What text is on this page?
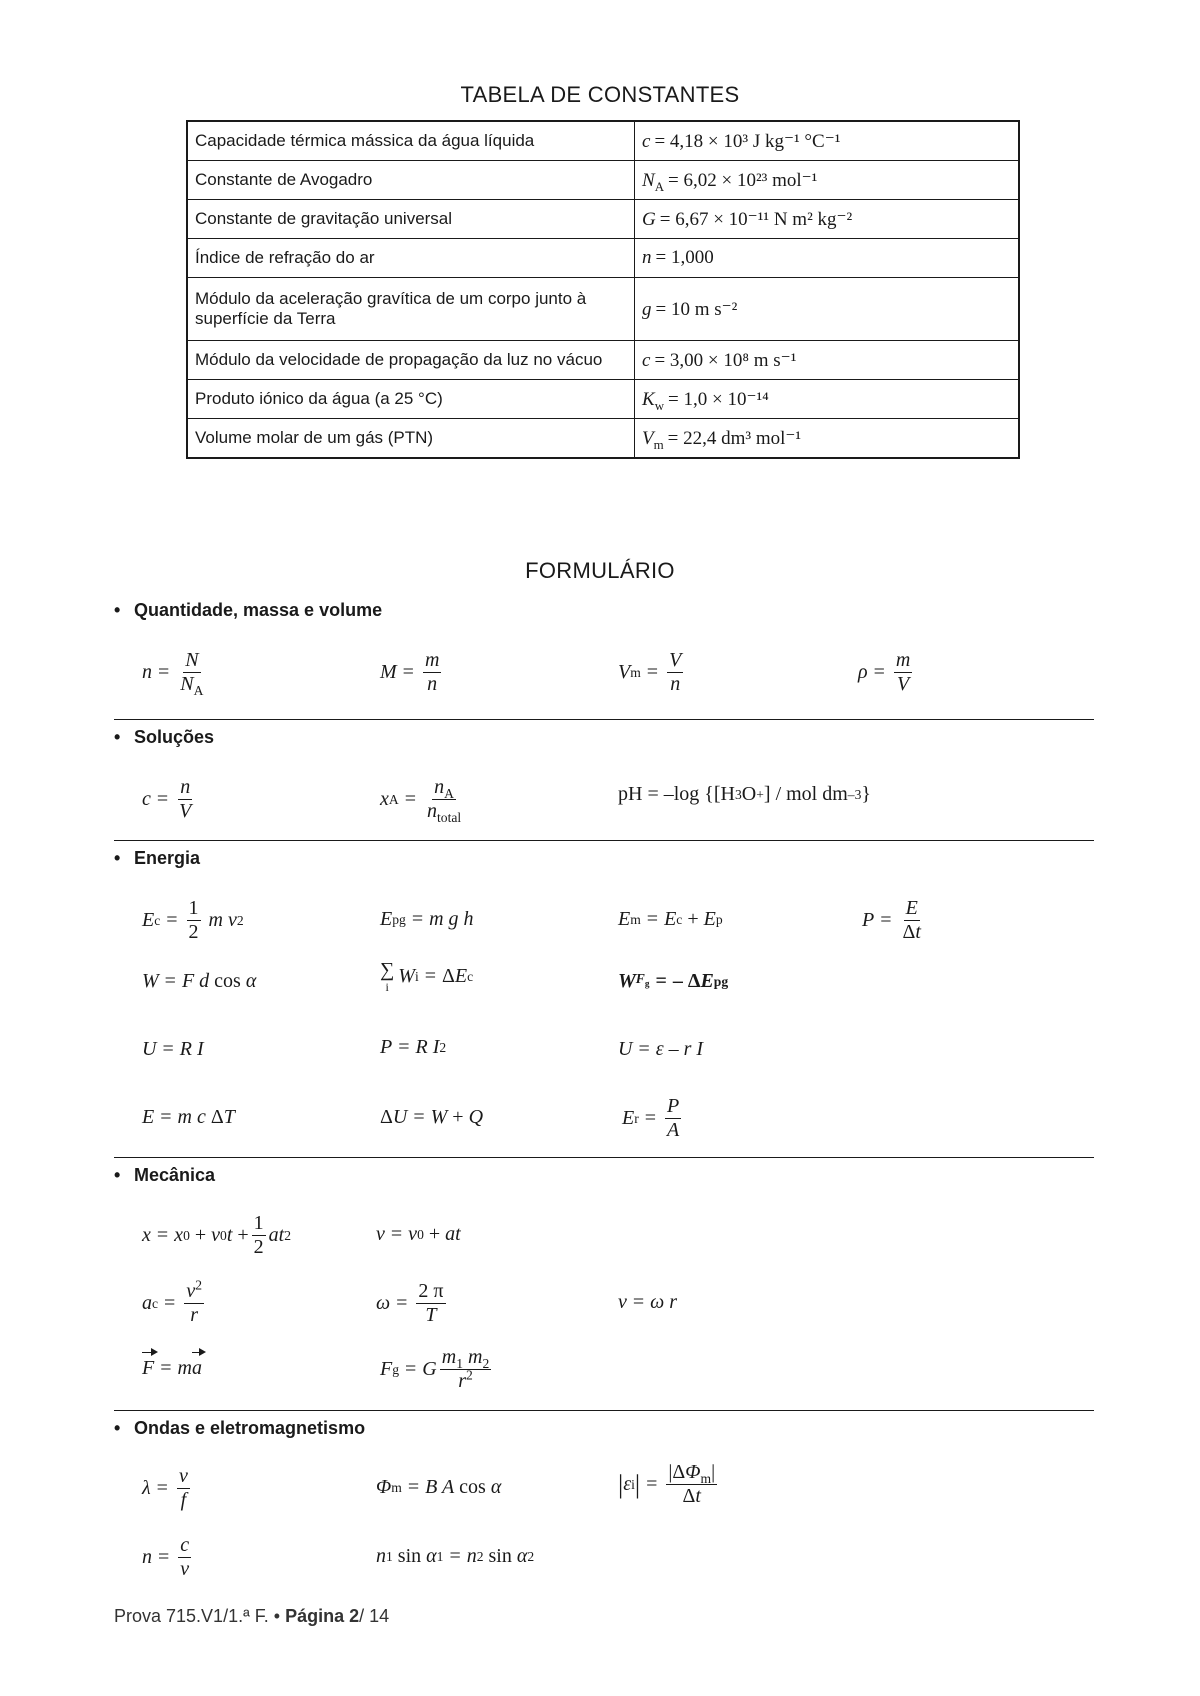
TABELA DE CONSTANTES
Capacidade térmica mássica da água líquida	c = 4,18 × 10³ J kg⁻¹ °C⁻¹
Constante de Avogadro	$N_A = 6,02 \times 10^{23}$ mol⁻¹
Constante de gravitação universal	G = 6,67 × 10⁻¹¹ N m² kg⁻²
Índice de refração do ar	n = 1,000
Módulo da aceleração gravítica de um corpo junto à superfície da Terra	g = 10 m s⁻²
Módulo da velocidade de propagação da luz no vácuo	c = 3,00 × 10⁸ m s⁻¹
Produto iónico da água (a 25 °C)	$K_w = 1,0 \times 10^{-14}$
Volume molar de um gás (PTN)	$V_m = 22,4$ dm³ mol⁻¹
FORMULÁRIO
• Quantidade, massa e volume
$n = \frac{N}{N_A}$	$M = \frac{m}{n}$	V $m = \frac{V}{n}$	$\rho = \frac{m}{V}$
• Soluções
$c = \frac{n}{V}$	x $A = \frac{n_A}{n_{total}}$	pH = –log {[H 3 O + ] / mol dm –3 }
• Energia
E $c = \frac{1}{2}$
m v 2	E pg = m g h	E m = E c + E p	$P = \frac{E}{\Delta t}$
W = F d cos α	∑
i W i = Δ E c	W $F_g$ = – Δ E pg
U = R I	P = R I 2	U = ε – r I
E = m c Δ T	Δ U = W + Q	E $r = \frac{P}{A}$
• Mecânica
x = x 0 + v 0 $t + \frac{1}{2}$ at 2	v = v 0 + at
a $c = \frac{v^2}{r}$	$\omega = \frac{2 \pi}{T}$	v = ω r
F = m a	F g = G $\frac{m_1 m_2}{r^2}$
• Ondas e eletromagnetismo
$\lambda = \frac{v}{f}$	Φ m = B A cos α	| ε i | = $\frac{|\Delta\Phi_m|}{\Delta t}$
$n = \frac{c}{v}$	n 1 sin α 1 = n 2 sin α 2
Prova 715.V1/1.ª F. • Página 2/ 14
